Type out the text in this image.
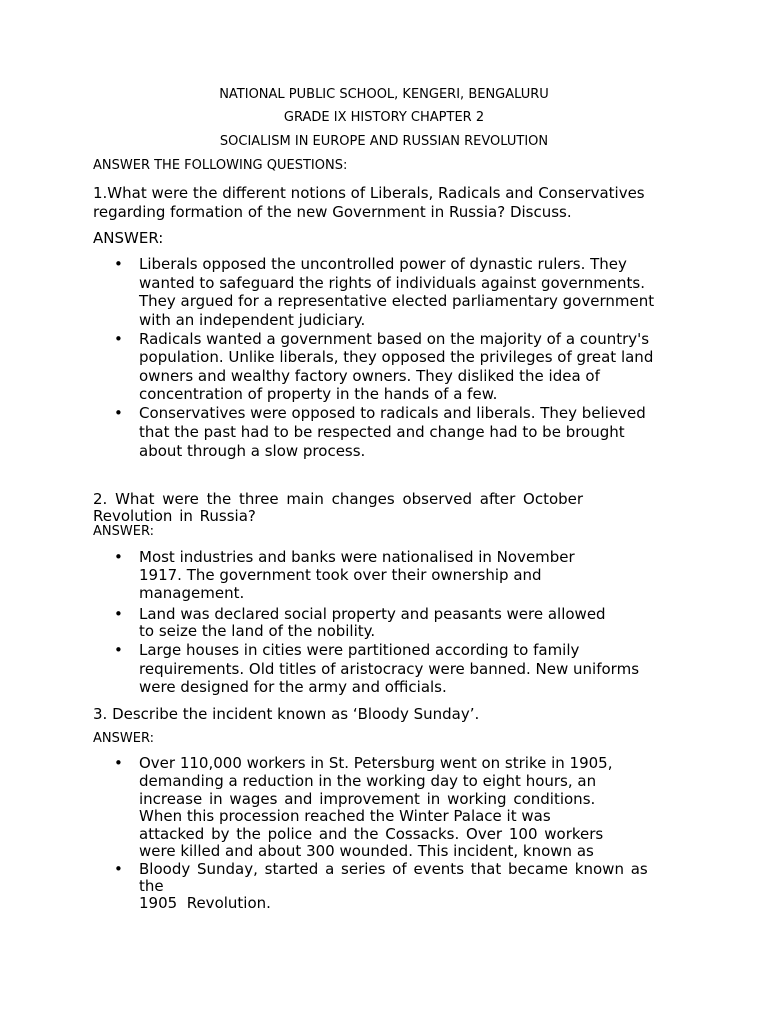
NATIONAL PUBLIC SCHOOL, KENGERI, BENGALURU
GRADE IX HISTORY CHAPTER 2
SOCIALISM IN EUROPE AND RUSSIAN REVOLUTION
ANSWER THE FOLLOWING QUESTIONS:
1.What were the different notions of Liberals, Radicals and Conservatives
regarding formation of the new Government in Russia? Discuss.
ANSWER:
• Liberals opposed the uncontrolled power of dynastic rulers. They
wanted to safeguard the rights of individuals against governments.
They argued for a representative elected parliamentary government
with an independent judiciary.
• Radicals wanted a government based on the majority of a country's
population. Unlike liberals, they opposed the privileges of great land
owners and wealthy factory owners. They disliked the idea of
concentration of property in the hands of a few.
• Conservatives were opposed to radicals and liberals. They believed
that the past had to be respected and change had to be brought
about through a slow process.
2. What were the three main changes observed after October
Revolution in Russia?
ANSWER:
• Most industries and banks were nationalised in November
1917. The government took over their ownership and
management.
• Land was declared social property and peasants were allowed
to seize the land of the nobility.
• Large houses in cities were partitioned according to family
requirements. Old titles of aristocracy were banned. New uniforms
were designed for the army and officials.
3. Describe the incident known as ‘Bloody Sunday’.
ANSWER:
• Over 110,000 workers in St. Petersburg went on strike in 1905,
demanding a reduction in the working day to eight hours, an
increase in wages and improvement in working conditions.
When this procession reached the Winter Palace it was
attacked by the police and the Cossacks. Over 100 workers
were killed and about 300 wounded. This incident, known as
• Bloody Sunday, started a series of events that became known as
the
1905  Revolution.
